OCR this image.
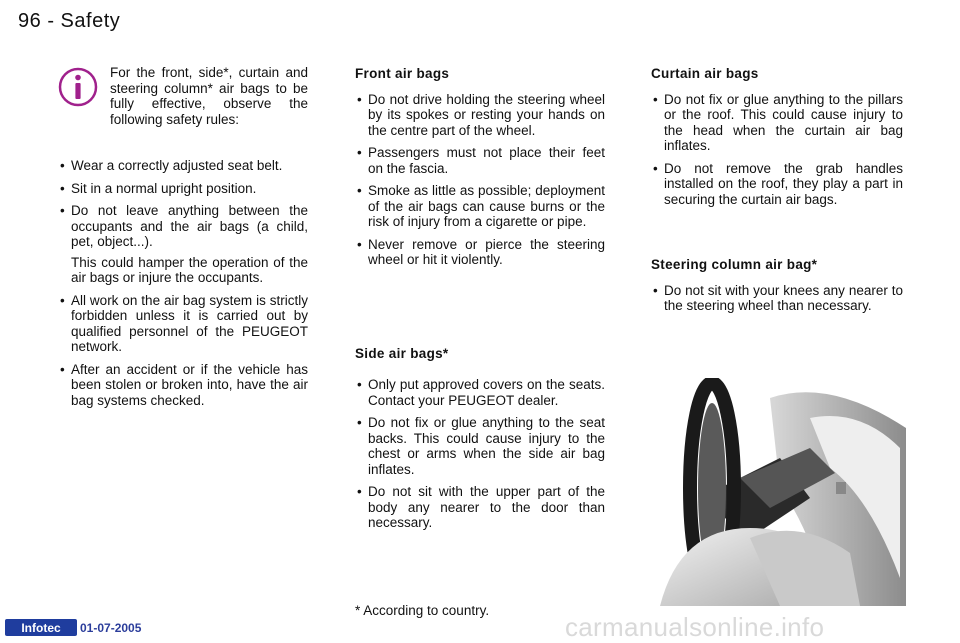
96 - Safety
For the front, side*, curtain and steering column* air bags to be fully effective, observe the following safety rules:
• Wear a correctly adjusted seat belt.
• Sit in a normal upright position.
• Do not leave anything between the occupants and the air bags (a child, pet, object...).
This could hamper the operation of the air bags or injure the occupants.
• All work on the air bag system is strictly forbidden unless it is carried out by qualified personnel of the PEUGEOT network.
• After an accident or if the vehicle has been stolen or broken into, have the air bag systems checked.
Front air bags
• Do not drive holding the steering wheel by its spokes or resting your hands on the centre part of the wheel.
• Passengers must not place their feet on the fascia.
• Smoke as little as possible; deployment of the air bags can cause burns or the risk of injury from a cigarette or pipe.
• Never remove or pierce the steering wheel or hit it violently.
Side air bags*
• Only put approved covers on the seats. Contact your PEUGEOT dealer.
• Do not fix or glue anything to the seat backs. This could cause injury to the chest or arms when the side air bag inflates.
• Do not sit with the upper part of the body any nearer to the door than necessary.
Curtain air bags
• Do not fix or glue anything to the pillars or the roof. This could cause injury to the head when the curtain air bag inflates.
• Do not remove the grab handles installed on the roof, they play a part in securing the curtain air bags.
Steering column air bag*
• Do not sit with your knees any nearer to the steering wheel than necessary.
* According to country.
Infotec 01-07-2005	carmanualsonline.info
